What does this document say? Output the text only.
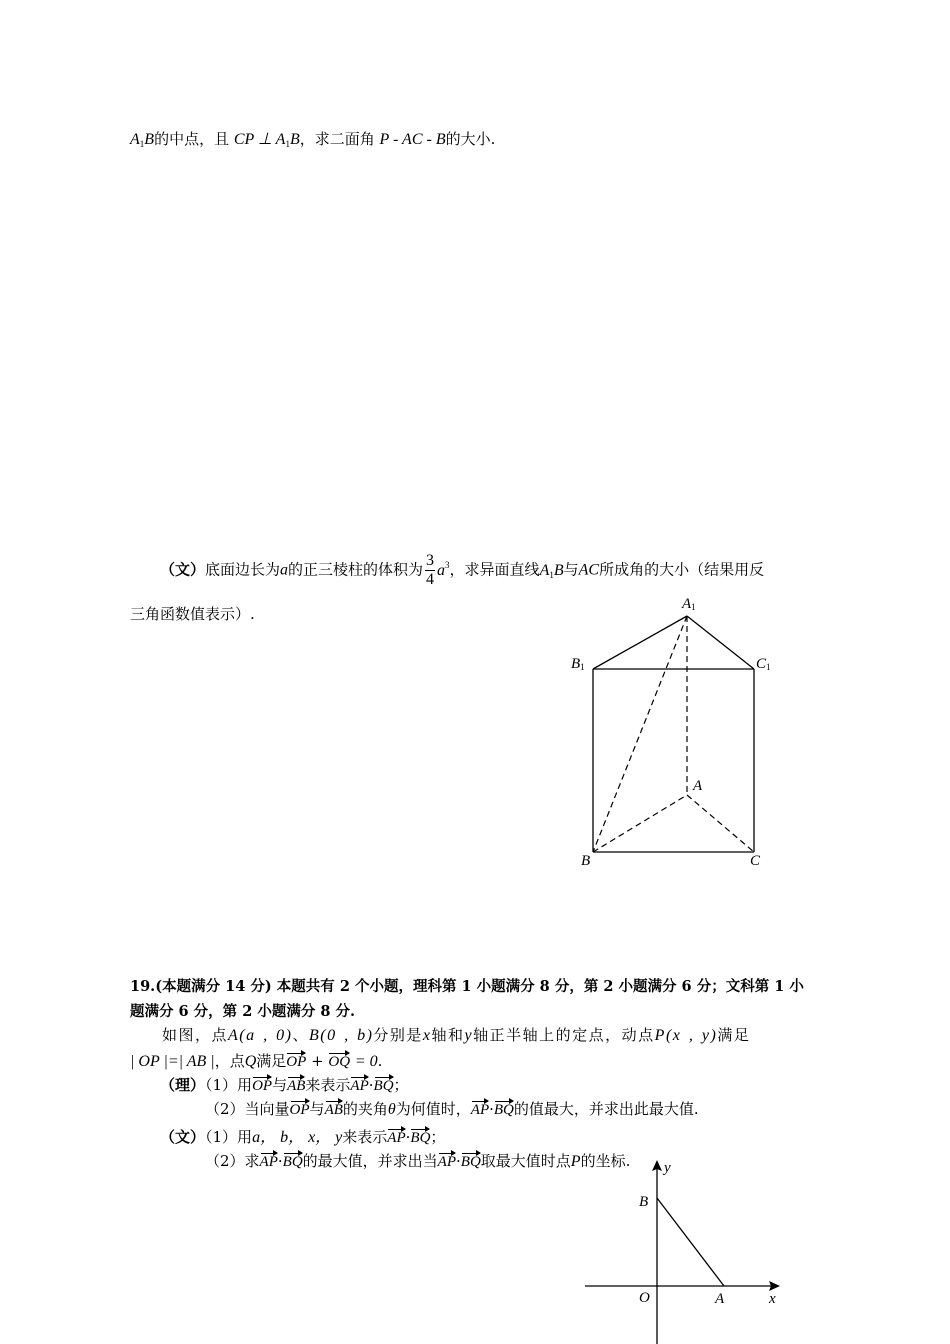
$A_1B$的中点，且 CP ⊥ $A_1B$，求二面角 P - AC - B的大小.
（文）底面边长为a的正三棱柱的体积为 $\frac{3}{4} a^3$，求异面直线$A_1B$与AC所成角的大小（结果用反
三角函数值表示）.
A1
B1	C1
A
B	C
19.(本题满分 14 分) 本题共有 2 个小题，理科第 1 小题满分 8 分，第 2 小题满分 6 分；文科第 1 小
题满分 6 分，第 2 小题满分 8 分.
如图，点A(a , 0)、B(0 , b)分别是x轴和y轴正半轴上的定点，动点P(x , y)满足
| OP |=| AB |，点Q满足OP + OQ = 0.
（理）（1）用OP与AB来表示AP·BQ；
（2）当向量OP与AB的夹角θ为何值时，AP·BQ的值最大，并求出此最大值.
（文）（1）用a， b， x， y来表示AP·BQ；
（2）求AP·BQ的最大值，并求出当AP·BQ取最大值时点P的坐标. y
x
O	A
B
